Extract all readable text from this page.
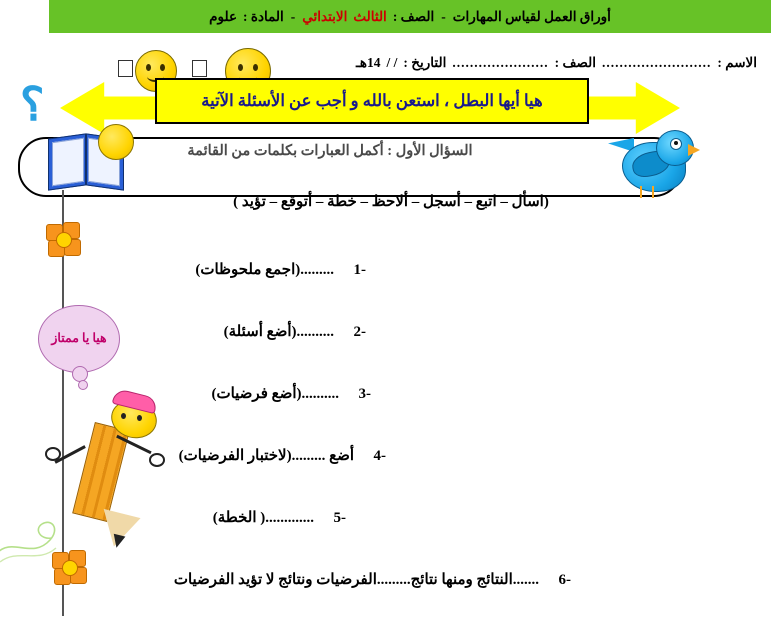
أوراق العمل لقياس المهارات
-
الصف :
الثالث
الابتدائي
-
المادة :
علوم
الاسم :
.........................
الصف :
......................
التاريخ :
/ /
14هـ
؟	هيا أيها البطل ، استعن بالله و أجب عن الأسئلة الآتية
السؤال الأول : أكمل العبارات بكلمات من القائمة
(اسأل – اتبع – أسجل – ألاحظ – خطة – أتوقع – تؤيد )
-1
.........(اجمع ملحوظات)
-2
..........(أضع أسئلة)
-3
..........(أضع فرضيات)
-4
أضع .........(لاختبار الفرضيات)
-5
.............( الخطة)
-6
.......النتائج ومنها نتائج.........الفرضيات ونتائج لا تؤيد الفرضيات
هيا يا ممتاز
